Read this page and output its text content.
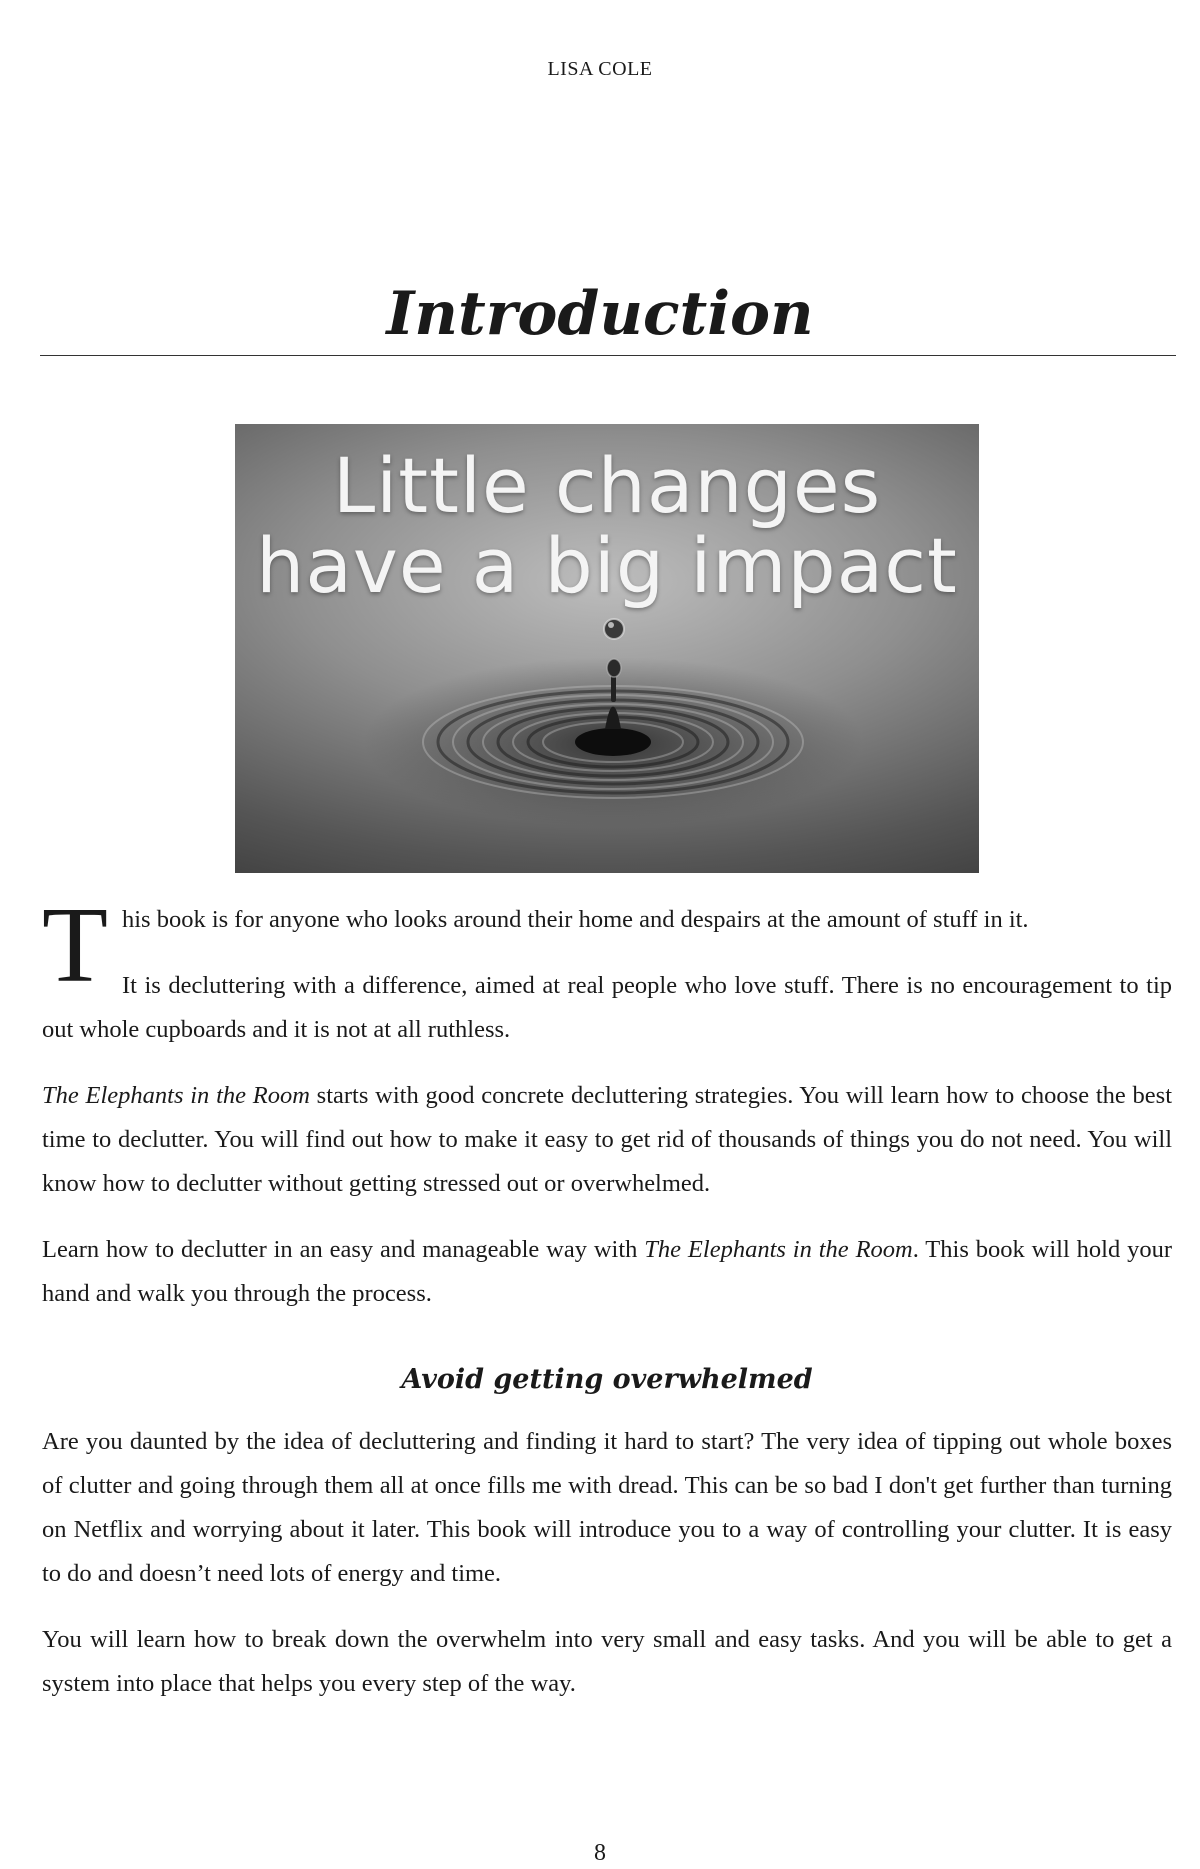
LISA COLE
Introduction
Little changes
have a big impact

This book is for anyone who looks around their home and despairs at the amount of stuff in it.

It is decluttering with a difference, aimed at real people who love stuff. There is no encouragement to tip out whole cupboards and it is not at all ruthless.

The Elephants in the Room starts with good concrete decluttering strategies. You will learn how to choose the best time to declutter. You will find out how to make it easy to get rid of thousands of things you do not need. You will know how to declutter without getting stressed out or overwhelmed.

Learn how to declutter in an easy and manageable way with The Elephants in the Room. This book will hold your hand and walk you through the process.

Avoid getting overwhelmed

Are you daunted by the idea of decluttering and finding it hard to start? The very idea of tipping out whole boxes of clutter and going through them all at once fills me with dread. This can be so bad I don't get further than turning on Netflix and worrying about it later. This book will introduce you to a way of controlling your clutter. It is easy to do and doesn’t need lots of energy and time.

You will learn how to break down the overwhelm into very small and easy tasks. And you will be able to get a system into place that helps you every step of the way.

8
